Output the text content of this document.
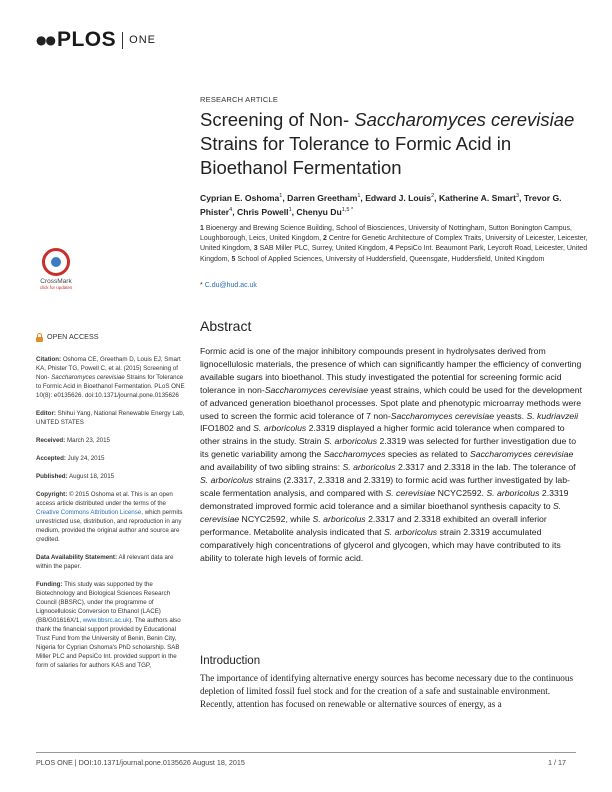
●● PLOS ONE
RESEARCH ARTICLE
Screening of Non- Saccharomyces cerevisiae Strains for Tolerance to Formic Acid in Bioethanol Fermentation
Cyprian E. Oshoma$^1$, Darren Greetham$^1$, Edward J. Louis$^2$, Katherine A. Smart$^3$, Trevor G. Phister$^4$, Chris Powell$^1$, Chenyu $Du^{1,5 *}$
1 Bioenergy and Brewing Science Building, School of Biosciences, University of Nottingham, Sutton Bonington Campus, Loughborough, Leics, United Kingdom, 2 Centre for Genetic Architecture of Complex Traits, University of Leicester, Leicester, United Kingdom, 3 SAB Miller PLC, Surrey, United Kingdom, 4 PepsiCo Int. Beaumont Park, Leycroft Road, Leicester, United Kingdom, 5 School of Applied Sciences, University of Huddersfield, Queensgate, Huddersfield, United Kingdom
* C.du@hud.ac.uk
CrossMark
click for updates
OPEN ACCESS
Citation: Oshoma CE, Greetham D, Louis EJ, Smart KA, Phister TG, Powell C, et al. (2015) Screening of Non- Saccharomyces cerevisiae Strains for Tolerance to Formic Acid in Bioethanol Fermentation. PLoS ONE 10(8): e0135626. doi:10.1371/journal.pone.0135626
Editor: Shihui Yang, National Renewable Energy Lab, UNITED STATES
Received: March 23, 2015
Accepted: July 24, 2015
Published: August 18, 2015
Copyright: © 2015 Oshoma et al. This is an open access article distributed under the terms of the Creative Commons Attribution License, which permits unrestricted use, distribution, and reproduction in any medium, provided the original author and source are credited.
Data Availability Statement: All relevant data are within the paper.
Funding: This study was supported by the Biotechnology and Biological Sciences Research Council (BBSRC), under the programme of Lignocellulosic Conversion to Ethanol (LACE) (BB/G01616X/1, www.bbsrc.ac.uk). The authors also thank the financial support provided by Educational Trust Fund from the University of Benin, Benin City, Nigeria for Cyprian Oshoma's PhD scholarship. SAB Miller PLC and PepsiCo Int. provided support in the form of salaries for authors KAS and TGP,
Abstract
Formic acid is one of the major inhibitory compounds present in hydrolysates derived from lignocellulosic materials, the presence of which can significantly hamper the efficiency of converting available sugars into bioethanol. This study investigated the potential for screening formic acid tolerance in non-Saccharomyces cerevisiae yeast strains, which could be used for the development of advanced generation bioethanol processes. Spot plate and phenotypic microarray methods were used to screen the formic acid tolerance of 7 non-Saccharomyces cerevisiae yeasts. S. kudriavzeii IFO1802 and S. arboricolus 2.3319 displayed a higher formic acid tolerance when compared to other strains in the study. Strain S. arboricolus 2.3319 was selected for further investigation due to its genetic variability among the Saccharomyces species as related to Saccharomyces cerevisiae and availability of two sibling strains: S. arboricolus 2.3317 and 2.3318 in the lab. The tolerance of S. arboricolus strains (2.3317, 2.3318 and 2.3319) to formic acid was further investigated by lab-scale fermentation analysis, and compared with S. cerevisiae NCYC2592. S. arboricolus 2.3319 demonstrated improved formic acid tolerance and a similar bioethanol synthesis capacity to S. cerevisiae NCYC2592, while S. arboricolus 2.3317 and 2.3318 exhibited an overall inferior performance. Metabolite analysis indicated that S. arboricolus strain 2.3319 accumulated comparatively high concentrations of glycerol and glycogen, which may have contributed to its ability to tolerate high levels of formic acid.
Introduction
The importance of identifying alternative energy sources has become necessary due to the continuous depletion of limited fossil fuel stock and for the creation of a safe and sustainable environment. Recently, attention has focused on renewable or alternative sources of energy, as a
PLOS ONE | DOI:10.1371/journal.pone.0135626 August 18, 2015	1 / 17
